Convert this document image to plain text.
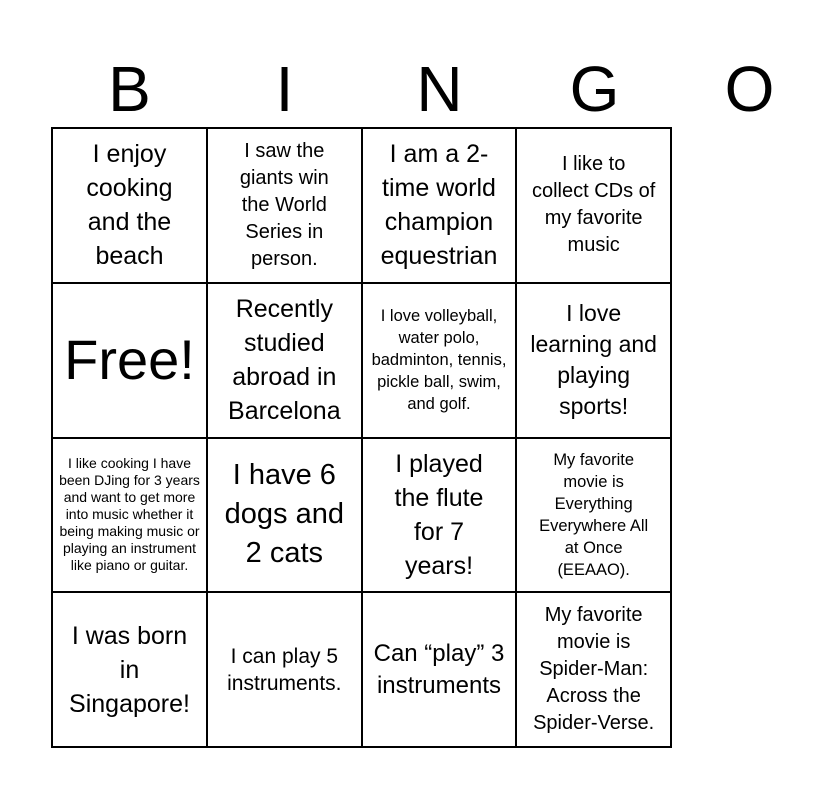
B	I	N	G	O
I enjoy cooking and the beach
I saw the giants win the World Series in person.
I am a 2-time world champion equestrian
I like to collect CDs of my favorite music
Free!
Recently studied abroad in Barcelona
I love volleyball, water polo, badminton, tennis, pickle ball, swim, and golf.
I love learning and playing sports!
I like cooking I have been DJing for 3 years and want to get more into music whether it being making music or playing an instrument like piano or guitar.
I have 6 dogs and 2 cats
I played the flute for 7 years!
My favorite movie is Everything Everywhere All at Once (EEAAO).
I was born in Singapore!
I can play 5 instruments.
Can “play” 3 instruments
My favorite movie is Spider-Man: Across the Spider-Verse.
